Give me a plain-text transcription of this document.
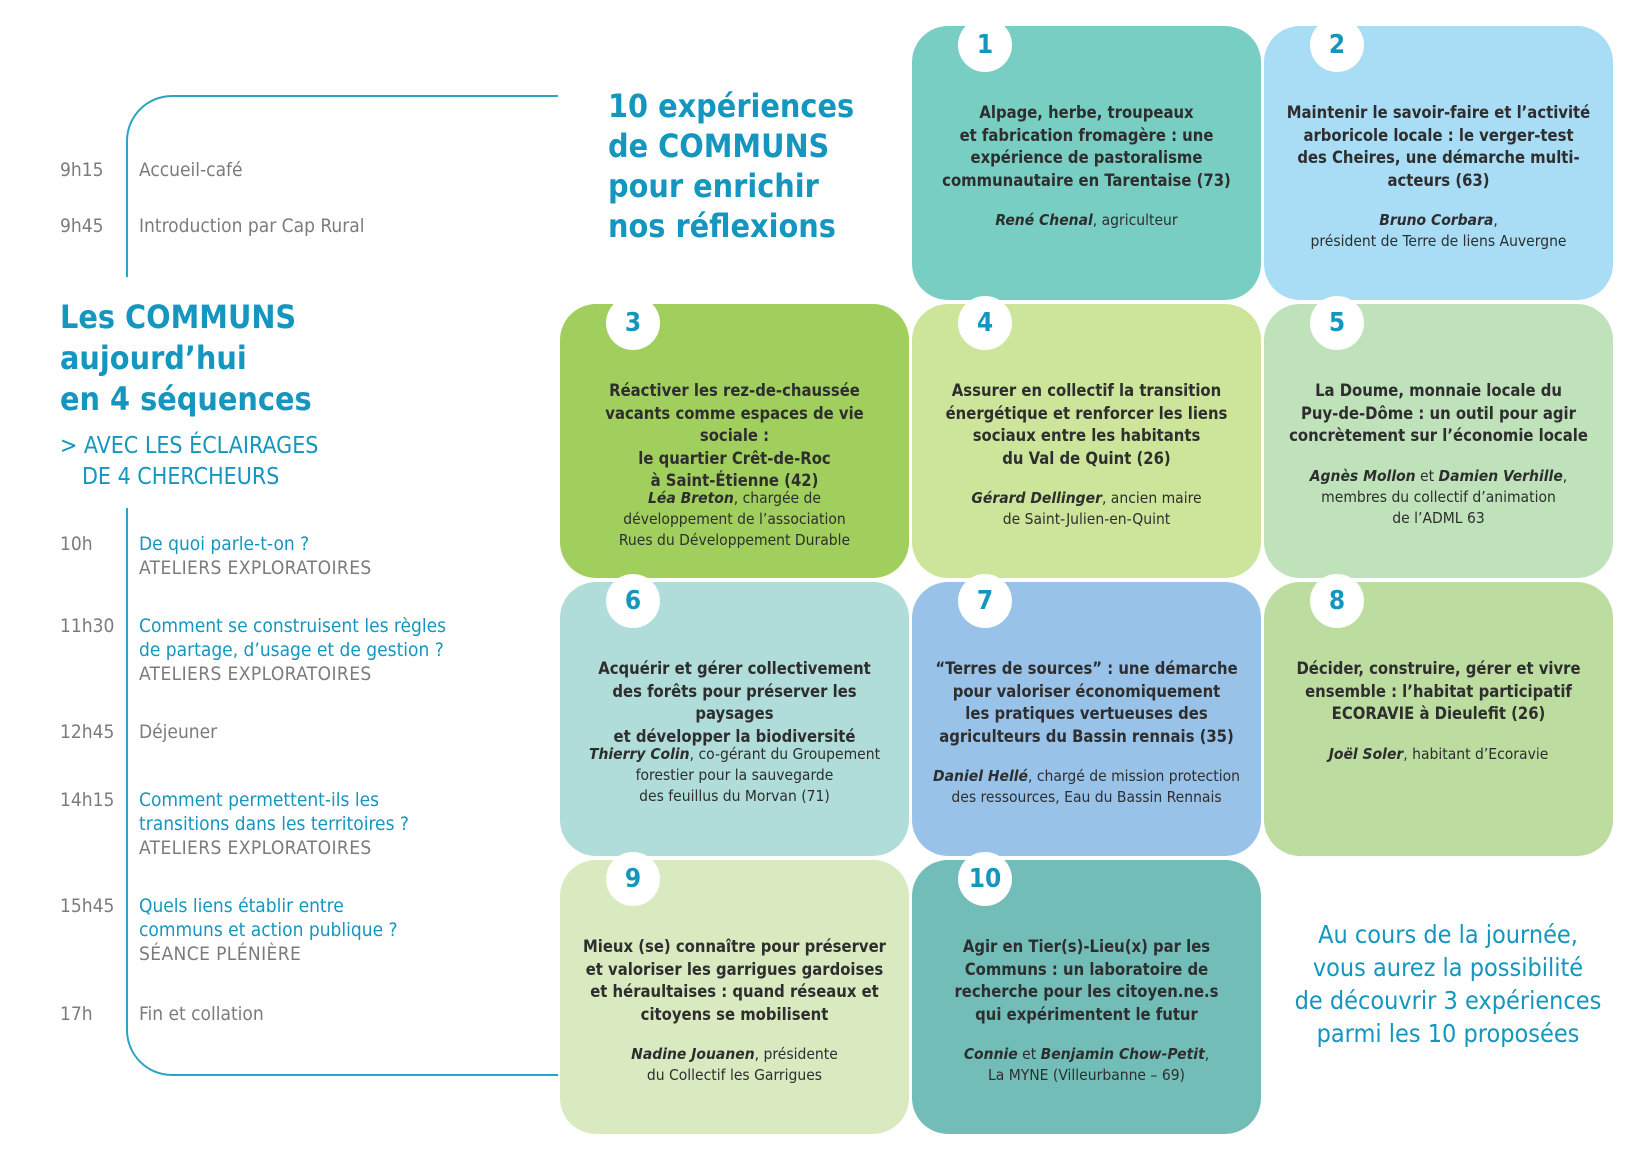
9h15 Accueil-café
9h45 Introduction par Cap Rural
Les COMMUNS
aujourd’hui
en 4 séquences
> AVEC LES ÉCLAIRAGES
DE 4 CHERCHEURS
10h De quoi parle-t-on ?
ATELIERS EXPLORATOIRES
11h30 Comment se construisent les règles
de partage, d’usage et de gestion ?
ATELIERS EXPLORATOIRES
12h45 Déjeuner
14h15 Comment permettent-ils les
transitions dans les territoires ?
ATELIERS EXPLORATOIRES
15h45 Quels liens établir entre
communs et action publique ?
SÉANCE PLÉNIÈRE
17h Fin et collation
10 expériences
de COMMUNS
pour enrichir
nos réflexions
1
Alpage, herbe, troupeaux
et fabrication fromagère : une
expérience de pastoralisme
communautaire en Tarentaise (73)
René Chenal, agriculteur
2
Maintenir le savoir-faire et l’activité
arboricole locale : le verger-test
des Cheires, une démarche multi-
acteurs (63)
Bruno Corbara,
président de Terre de liens Auvergne
3
Réactiver les rez-de-chaussée
vacants comme espaces de vie sociale :
le quartier Crêt-de-Roc
à Saint-Étienne (42)
Léa Breton, chargée de
développement de l’association
Rues du Développement Durable
4
Assurer en collectif la transition
énergétique et renforcer les liens
sociaux entre les habitants
du Val de Quint (26)
Gérard Dellinger, ancien maire
de Saint-Julien-en-Quint
5
La Doume, monnaie locale du
Puy-de-Dôme : un outil pour agir
concrètement sur l’économie locale
Agnès Mollon et Damien Verhille,
membres du collectif d’animation
de l’ADML 63
6
Acquérir et gérer collectivement
des forêts pour préserver les paysages
et développer la biodiversité
Thierry Colin, co-gérant du Groupement
forestier pour la sauvegarde
des feuillus du Morvan (71)
7
“Terres de sources” : une démarche
pour valoriser économiquement
les pratiques vertueuses des
agriculteurs du Bassin rennais (35)
Daniel Hellé, chargé de mission protection
des ressources, Eau du Bassin Rennais
8
Décider, construire, gérer et vivre
ensemble : l’habitat participatif
ECORAVIE à Dieulefit (26)
Joël Soler, habitant d’Ecoravie
9
Mieux (se) connaître pour préserver
et valoriser les garrigues gardoises
et héraultaises : quand réseaux et
citoyens se mobilisent
Nadine Jouanen, présidente
du Collectif les Garrigues
10
Agir en Tier(s)-Lieu(x) par les
Communs : un laboratoire de
recherche pour les citoyen.ne.s
qui expérimentent le futur
Connie et Benjamin Chow-Petit,
La MYNE (Villeurbanne – 69)
Au cours de la journée,
vous aurez la possibilité
de découvrir 3 expériences
parmi les 10 proposées
